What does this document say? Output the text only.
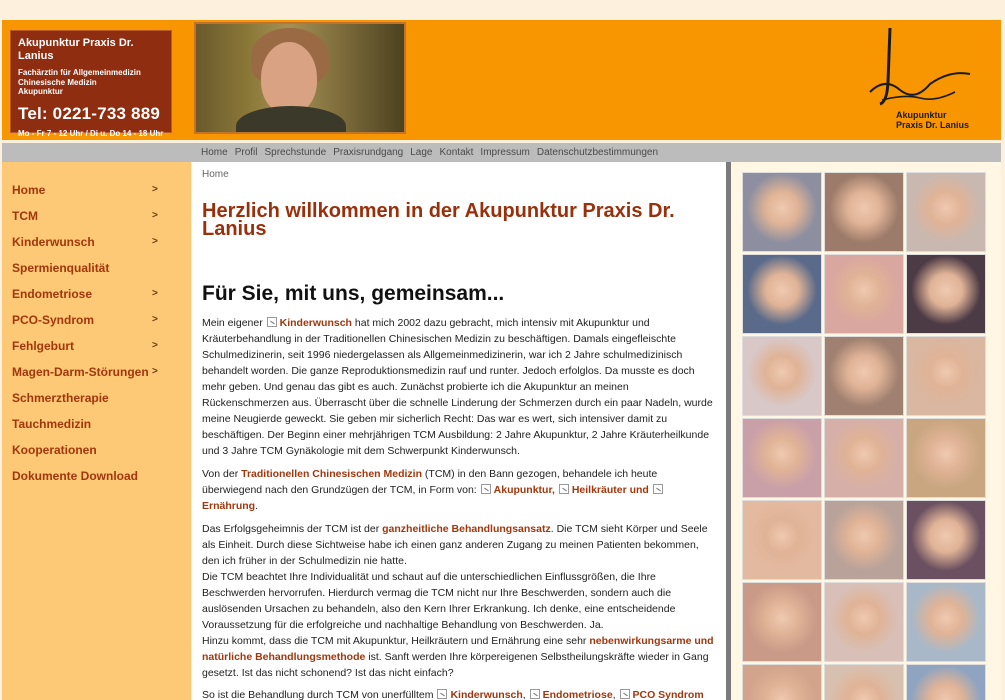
Akupunktur Praxis Dr. Lanius
Fachärztin für Allgemeinmedizin
Chinesische Medizin
Akupunktur
Tel: 0221-733 889
Mo - Fr 7 - 12 Uhr / Di u. Do 14 - 18 Uhr
Akupunktur
Praxis Dr. Lanius
Home Profil Sprechstunde Praxisrundgang Lage Kontakt Impressum Datenschutzbestimmungen
Home	>
TCM	>
Kinderwunsch	>
Spermienqualität
Endometriose	>
PCO-Syndrom	>
Fehlgeburt	>
Magen-Darm-Störungen >
Schmerztherapie
Tauchmedizin
Kooperationen
Dokumente Download
Home
Herzlich willkommen in der Akupunktur Praxis Dr. Lanius
Für Sie, mit uns, gemeinsam...

Mein eigener Kinderwunsch hat mich 2002 dazu gebracht, mich intensiv mit Akupunktur und Kräuterbehandlung in der Traditionellen Chinesischen Medizin zu beschäftigen. Damals eingefleischte Schulmedizinerin, seit 1996 niedergelassen als Allgemeinmedizinerin, war ich 2 Jahre schulmedizinisch behandelt worden. Die ganze Reproduktionsmedizin rauf und runter. Jedoch erfolglos. Da musste es doch mehr geben. Und genau das gibt es auch. Zunächst probierte ich die Akupunktur an meinen Rückenschmerzen aus. Überrascht über die schnelle Linderung der Schmerzen durch ein paar Nadeln, wurde meine Neugierde geweckt. Sie geben mir sicherlich Recht: Das war es wert, sich intensiver damit zu beschäftigen. Der Beginn einer mehrjährigen TCM Ausbildung: 2 Jahre Akupunktur, 2 Jahre Kräuterheilkunde und 3 Jahre TCM Gynäkologie mit dem Schwerpunkt Kinderwunsch.

Von der Traditionellen Chinesischen Medizin (TCM) in den Bann gezogen, behandele ich heute überwiegend nach den Grundzügen der TCM, in Form von: Akupunktur, Heilkräuter und Ernährung.

Das Erfolgsgeheimnis der TCM ist der ganzheitliche Behandlungsansatz. Die TCM sieht Körper und Seele als Einheit. Durch diese Sichtweise habe ich einen ganz anderen Zugang zu meinen Patienten bekommen, den ich früher in der Schulmedizin nie hatte.
Die TCM beachtet Ihre Individualität und schaut auf die unterschiedlichen Einflussgrößen, die Ihre Beschwerden hervorrufen. Hierdurch vermag die TCM nicht nur Ihre Beschwerden, sondern auch die auslösenden Ursachen zu behandeln, also den Kern Ihrer Erkrankung. Ich denke, eine entscheidende Voraussetzung für die erfolgreiche und nachhaltige Behandlung von Beschwerden. Ja.
Hinzu kommt, dass die TCM mit Akupunktur, Heilkräutern und Ernährung eine sehr nebenwirkungsarme und natürliche Behandlungsmethode ist. Sanft werden Ihre körpereigenen Selbstheilungskräfte wieder in Gang gesetzt. Ist das nicht schonend? Ist das nicht einfach?

So ist die Behandlung durch TCM von unerfülltem Kinderwunsch, Endometriose, PCO Syndrom
